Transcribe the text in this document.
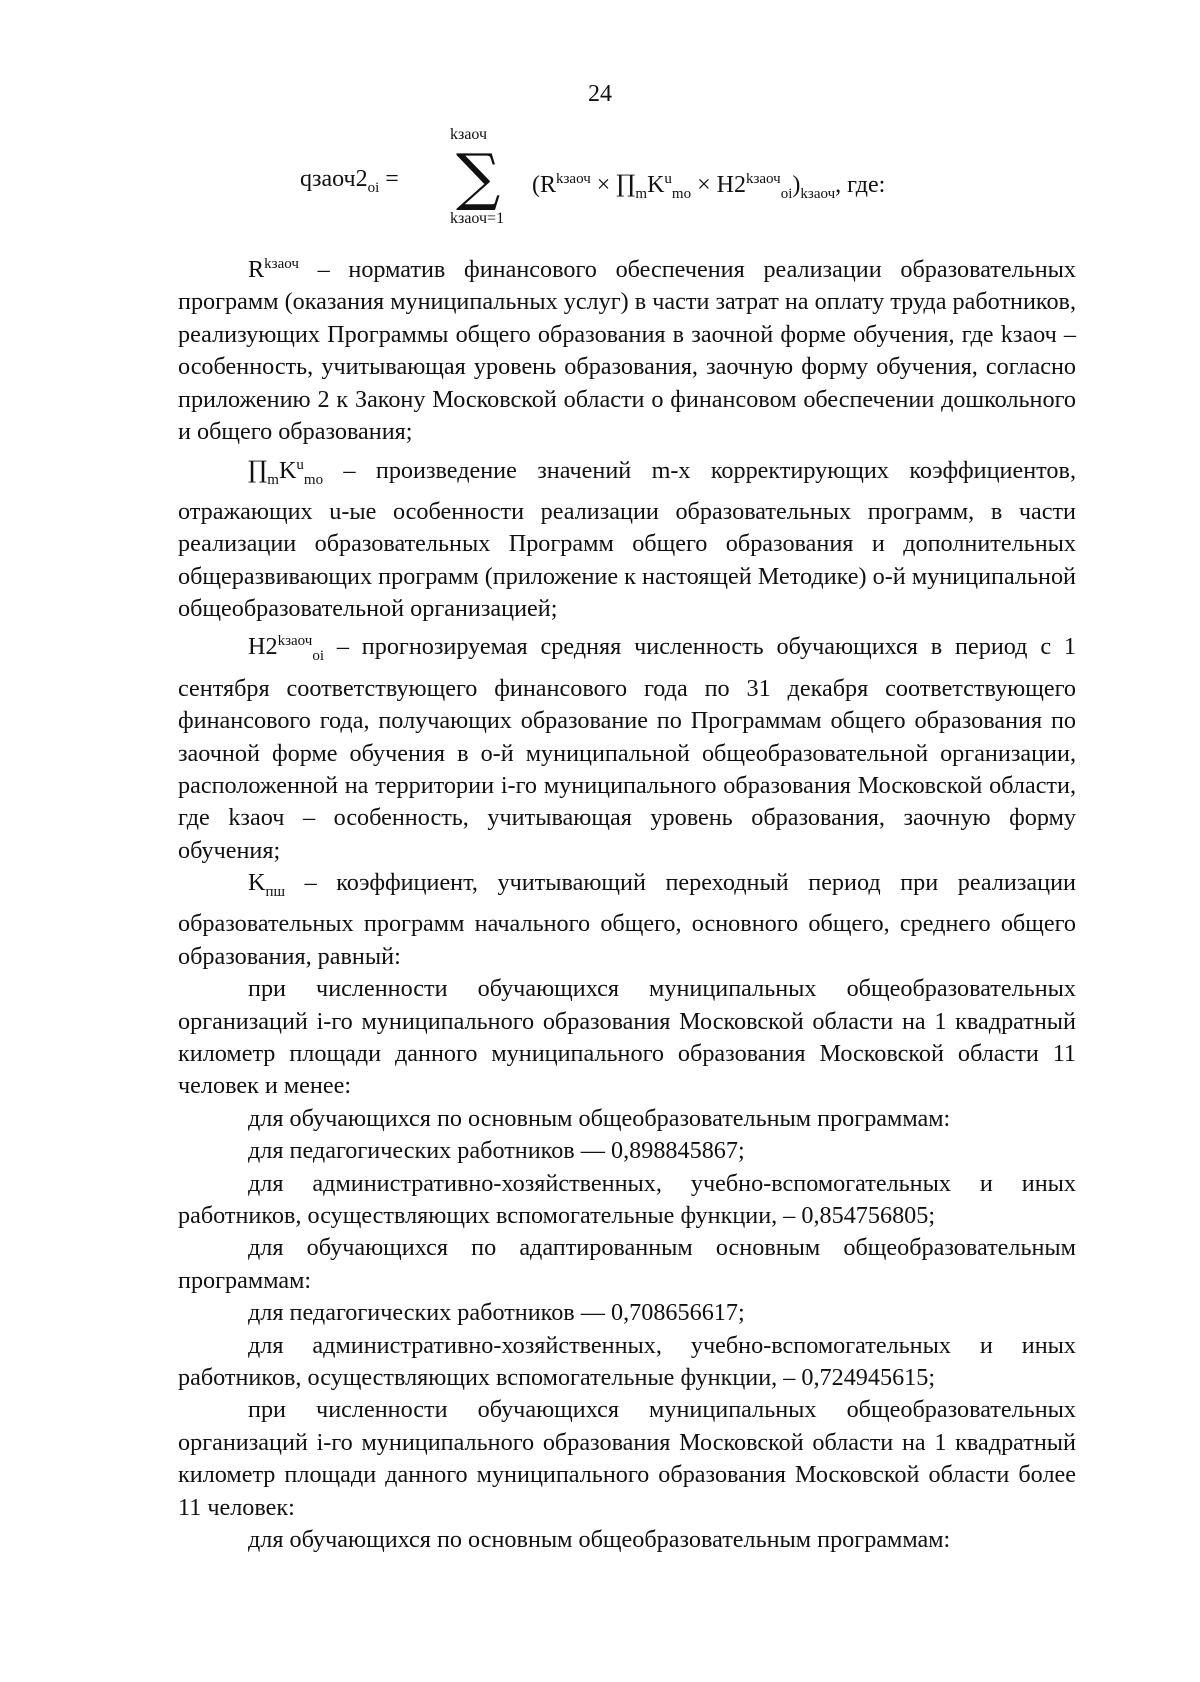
24
$qзаоч2_{oi}$ =
kзаоч
∑
kзаоч=1
($R^{kзаоч}$ × $\prod_mK^u_{mo} \times H2^{kзаоч}_{oi})_{kзаоч}$, где:

$R^{kзаоч}$ – норматив финансового обеспечения реализации образовательных программ (оказания муниципальных услуг) в части затрат на оплату труда работников, реализующих Программы общего образования в заочной форме обучения, где kзаоч – особенность, учитывающая уровень образования, заочную форму обучения, согласно приложению 2 к Закону Московской области о финансовом обеспечении дошкольного и общего образования;

$\prod_mK^u_{mo}$ – произведение значений m-х корректирующих коэффициентов, отражающих u-ые особенности реализации образовательных программ, в части реализации образовательных Программ общего образования и дополнительных общеразвивающих программ (приложение к настоящей Методике) о-й муниципальной общеобразовательной организацией;

$H2^{kзаоч}_{oi}$ – прогнозируемая средняя численность обучающихся в период с 1 сентября соответствующего финансового года по 31 декабря соответствующего финансового года, получающих образование по Программам общего образования по заочной форме обучения в о-й муниципальной общеобразовательной организации, расположенной на территории i-го муниципального образования Московской области, где kзаоч – особенность, учитывающая уровень образования, заочную форму обучения;

$K_{пш}$ – коэффициент, учитывающий переходный период при реализации образовательных программ начального общего, основного общего, среднего общего образования, равный:

при численности обучающихся муниципальных общеобразовательных организаций i-го муниципального образования Московской области на 1 квадратный километр площади данного муниципального образования Московской области 11 человек и менее:

для обучающихся по основным общеобразовательным программам:

для педагогических работников — 0,898845867;

для административно-хозяйственных, учебно-вспомогательных и иных работников, осуществляющих вспомогательные функции, – 0,854756805;

для обучающихся по адаптированным основным общеобразовательным программам:

для педагогических работников — 0,708656617;

для административно-хозяйственных, учебно-вспомогательных и иных работников, осуществляющих вспомогательные функции, – 0,724945615;

при численности обучающихся муниципальных общеобразовательных организаций i-го муниципального образования Московской области на 1 квадратный километр площади данного муниципального образования Московской области более 11 человек:

для обучающихся по основным общеобразовательным программам:
